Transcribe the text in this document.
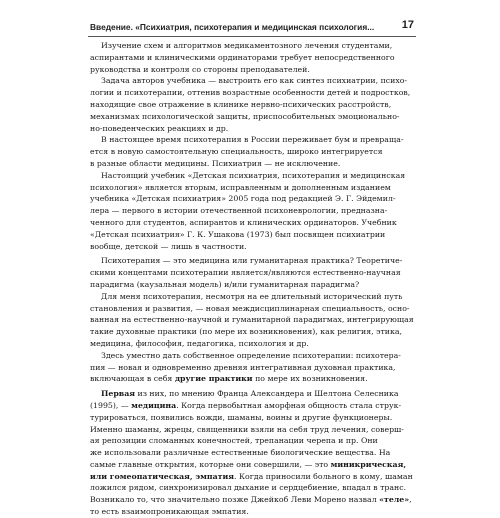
Введение. «Психиатрия, психотерапия и медицинская психология...	17
Изучение схем и алгоритмов медикаментозного лечения студентами,
аспирантами и клиническими ординаторами требует непосредственного
руководства и контроля со стороны преподавателей.
Задача авторов учебника — выстроить его как синтез психиатрии, психо-
логии и психотерапии, оттенив возрастные особенности детей и подростков,
находящие свое отражение в клинике нервно-психических расстройств,
механизмах психологической защиты, приспособительных эмоционально-
но-поведенческих реакциях и др.
В настоящее время психотерапия в России переживает бум и превраща-
ется в новую самостоятельную специальность, широко интегрируется
в разные области медицины. Психиатрия — не исключение.
Настоящий учебник «Детская психиатрия, психотерапия и медицинская
психология» является вторым, исправленным и дополненным изданием
учебника «Детская психиатрия» 2005 года под редакцией Э. Г. Эйдемил-
лера — первого в истории отечественной психоневрологии, предназна-
ченного для студентов, аспирантов и клинических ординаторов. Учебник
«Детская психиатрия» Г. К. Ушакова (1973) был посвящен психиатрии
вообще, детской — лишь в частности.
Психотерапия — это медицина или гуманитарная практика? Теоретиче-
скими концептами психотерапии является/являются естественно-научная
парадигма (каузальная модель) и/или гуманитарная парадигма?
Для меня психотерапия, несмотря на ее длительный исторический путь
становления и развития, — новая междисциплинарная специальность, осно-
ванная на естественно-научной и гуманитарной парадигмах, интегрирующая
такие духовные практики (по мере их возникновения), как религия, этика,
медицина, философия, педагогика, психология и др.
Здесь уместно дать собственное определение психотерапии: психотера-
пия — новая и одновременно древняя интегративная духовная практика,
включающая в себя другие практики по мере их возникновения.
Первая из них, по мнению Франца Александера и Шелтона Селесника
(1995), — медицина. Когда первобытная аморфная общность стала струк-
турироваться, появились вожди, шаманы, воины и другие функционеры.
Именно шаманы, жрецы, священники взяли на себя труд лечения, соверш-
ая репозиции сломанных конечностей, трепанации черепа и пр. Они
же использовали различные естественные биологические вещества. На
самые главные открытия, которые они совершили, — это миникрическая,
или гомеопатическая, эмпатия. Когда приносили больного в кому, шаман
ложился рядом, синхронизировал дыхание и сердцебиение, впадал в транс.
Возникало то, что значительно позже Джейкоб Леви Морено назвал «теле»,
то есть взаимопроникающая эмпатия.
